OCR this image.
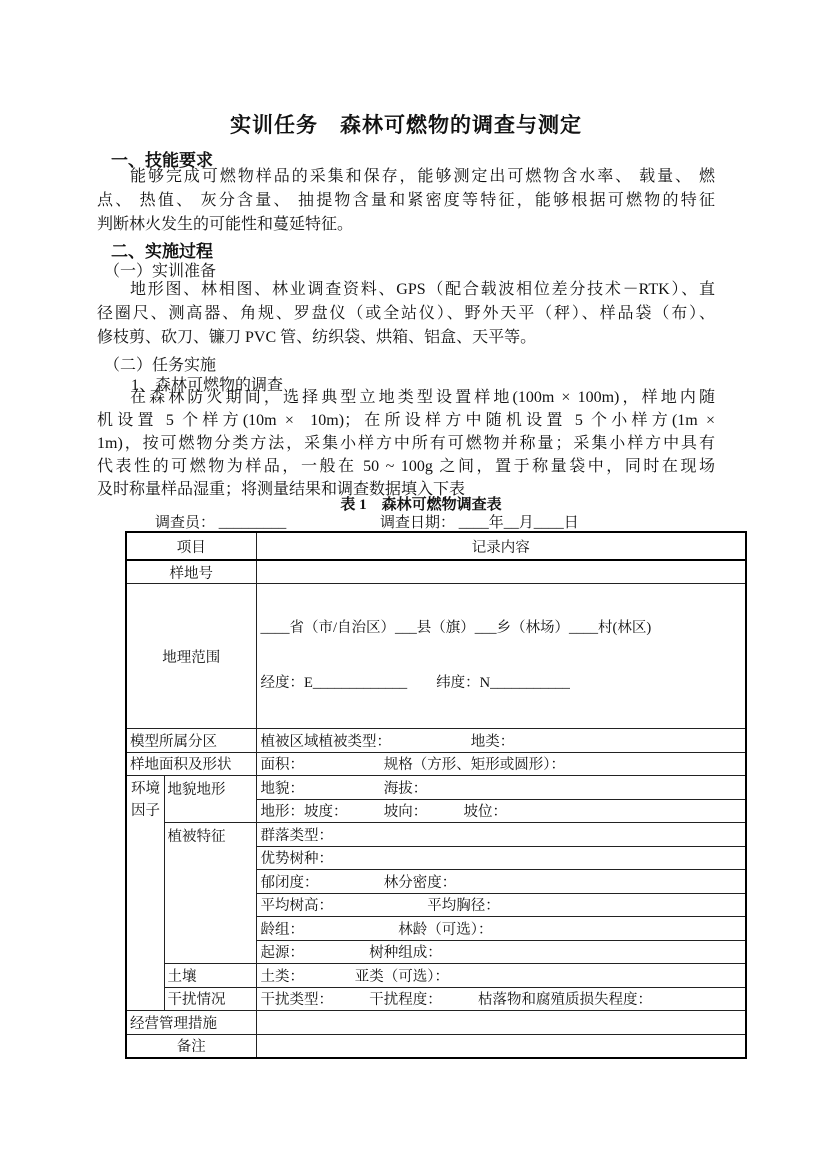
实训任务　森林可燃物的调查与测定
一、技能要求
能够完成可燃物样品的采集和保存，能够测定出可燃物含水率、 载量、 燃
点、 热值、 灰分含量、 抽提物含量和紧密度等特征，能够根据可燃物的特征
判断林火发生的可能性和蔓延特征。
二、实施过程
（一）实训准备
地形图、林相图、林业调查资料、GPS（配合载波相位差分技术－RTK）、直
径圈尺、测高器、角规、罗盘仪（或全站仪）、野外天平（秤）、样品袋（布）、
修枝剪、砍刀、镰刀 PVC 管、纺织袋、烘箱、铝盒、天平等。
（二）任务实施
1、森林可燃物的调查
在森林防火期间，选择典型立地类型设置样地(100m × 100m)，样地内随
机设置 5 个样方(10m ×  10m)；在所设样方中随机设置 5 个小样方(1m ×
1m)，按可燃物分类方法，采集小样方中所有可燃物并称量；采集小样方中具有
代表性的可燃物为样品，一般在 50 ~ 100g 之间，置于称量袋中，同时在现场
及时称量样品湿重；将测量结果和调查数据填入下表
表 1　森林可燃物调查表
调查员： _________	调查日期： ____年__月____日
项目		记录内容
样地号		
地理范围		____省（市/自治区）___县（旗）___乡（林场）____村(林区)

经度：E_____________　　纬度：N___________

模型所属分区		植被区域植被类型：　　　　　　地类：
样地面积及形状		面积：　　　　　　规格（方形、矩形或圆形）：
环境因子	地貌地形	地貌：　　　　　　海拔：
		地形：坡度：　　　坡向：　　　坡位：
	植被特征	群落类型：
		优势树种：
		郁闭度：　　　　　林分密度：
		平均树高：　　　　　　　平均胸径：
		龄组：　　　　　　　林龄（可选）：
		起源：　　　　　树种组成：
	土壤	土类：　　　　亚类（可选）：
	干扰情况	干扰类型：　　　干扰程度：　　　枯落物和腐殖质损失程度：
经营管理措施		
备注		
